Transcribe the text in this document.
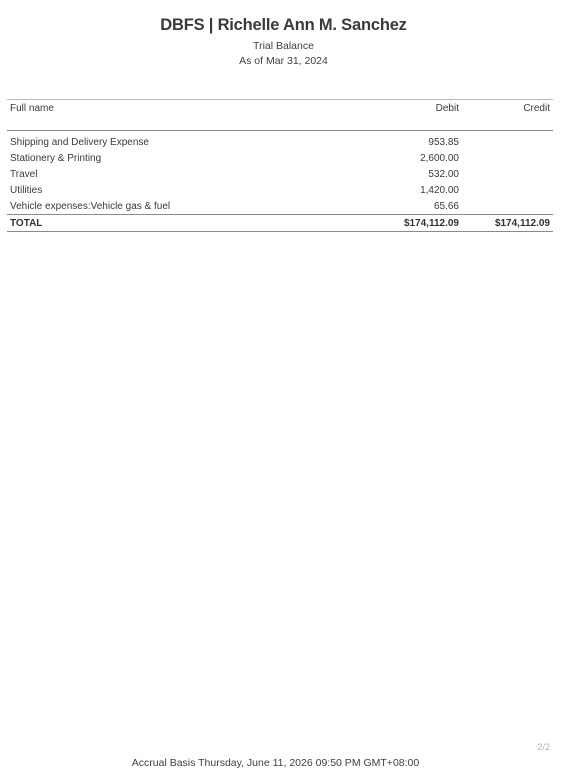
DBFS | Richelle Ann M. Sanchez
Trial Balance
As of Mar 31, 2024
Full name	Debit	Credit
Shipping and Delivery Expense	953.85	
Stationery & Printing	2,600.00	
Travel	532.00	
Utilities	1,420.00	
Vehicle expenses:Vehicle gas & fuel	65.66	
TOTAL	$174,112.09	$174,112.09
2/2
Accrual Basis Thursday, June 11, 2026 09:50 PM GMT+08:00
